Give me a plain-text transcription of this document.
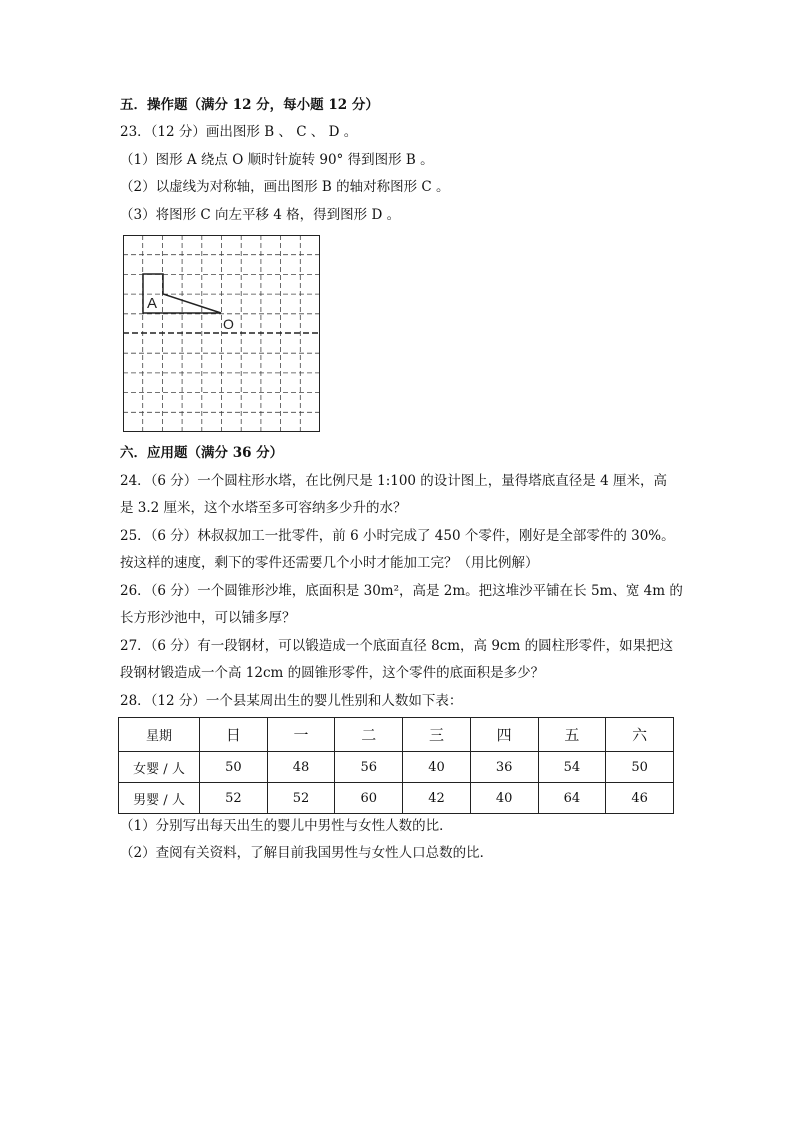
五．操作题（满分 12 分，每小题 12 分）
23．（12 分）画出图形 B 、 C 、 D 。
（1）图形 A 绕点 O 顺时针旋转 90° 得到图形 B 。
（2）以虚线为对称轴，画出图形 B 的轴对称图形 C 。
（3）将图形 C 向左平移 4 格，得到图形 D 。
A
O
六．应用题（满分 36 分）
24．（6 分）一个圆柱形水塔，在比例尺是 1:100 的设计图上，量得塔底直径是 4 厘米，高
是 3.2 厘米，这个水塔至多可容纳多少升的水？
25．（6 分）林叔叔加工一批零件，前 6 小时完成了 450 个零件，刚好是全部零件的 30%。
按这样的速度，剩下的零件还需要几个小时才能加工完？（用比例解）
26．（6 分）一个圆锥形沙堆，底面积是 30m²，高是 2m。把这堆沙平铺在长 5m、宽 4m 的
长方形沙池中，可以铺多厚？
27．（6 分）有一段钢材，可以锻造成一个底面直径 8cm，高 9cm 的圆柱形零件，如果把这
段钢材锻造成一个高 12cm 的圆锥形零件，这个零件的底面积是多少？
28．（12 分）一个县某周出生的婴儿性别和人数如下表：
星期	日	一	二	三	四	五	六
女婴 / 人	50	48	56	40	36	54	50
男婴 / 人	52	52	60	42	40	64	46
（1）分别写出每天出生的婴儿中男性与女性人数的比．
（2）查阅有关资料，了解目前我国男性与女性人口总数的比．
